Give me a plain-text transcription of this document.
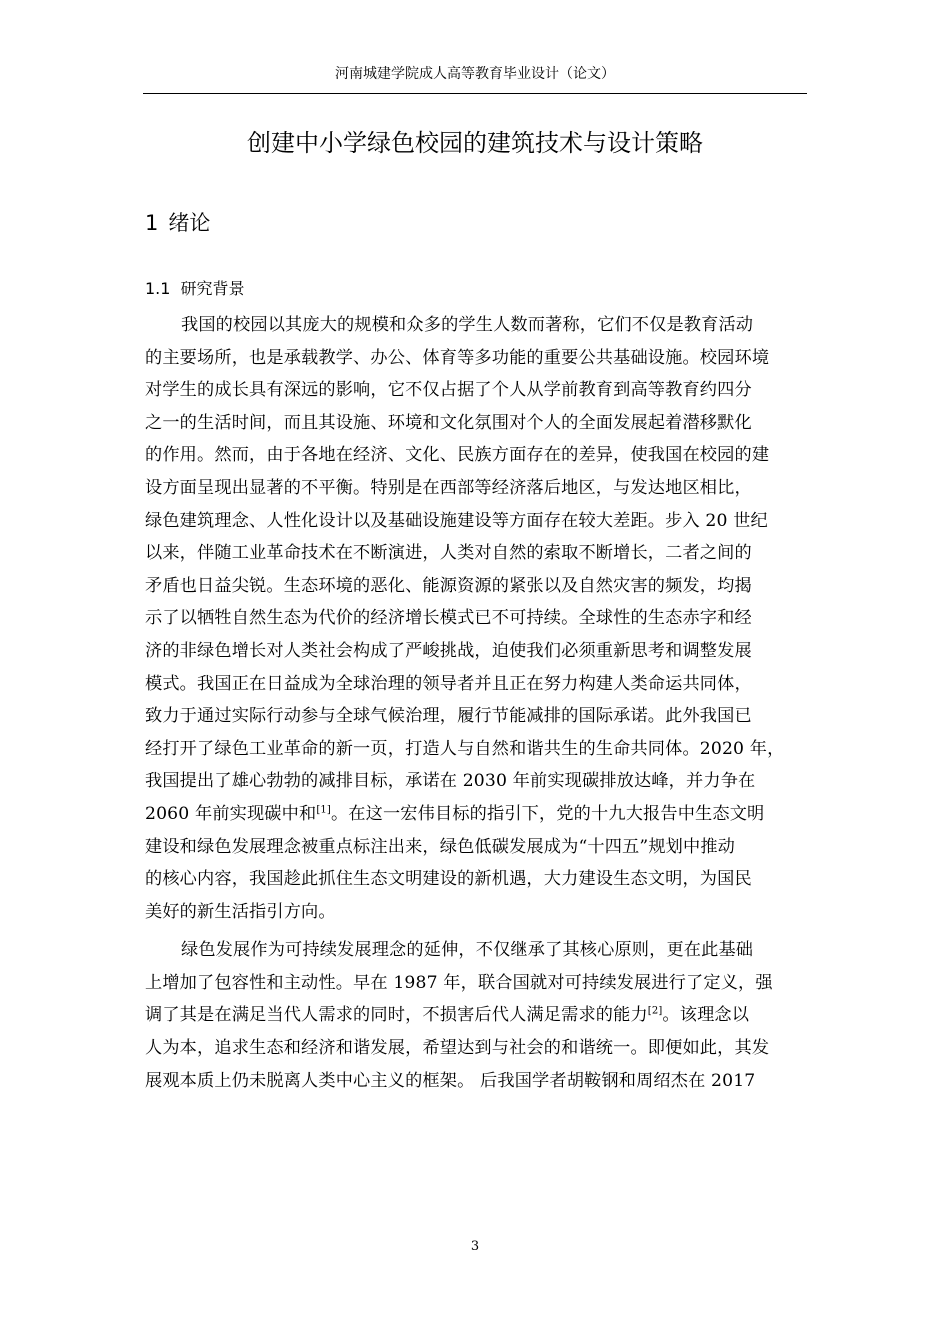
河南城建学院成人高等教育毕业设计（论文）
创建中小学绿色校园的建筑技术与设计策略
1 绪论
1.1 研究背景
我国的校园以其庞大的规模和众多的学生人数而著称，它们不仅是教育活动
的主要场所，也是承载教学、办公、体育等多功能的重要公共基础设施。校园环境
对学生的成长具有深远的影响，它不仅占据了个人从学前教育到高等教育约四分
之一的生活时间，而且其设施、环境和文化氛围对个人的全面发展起着潜移默化
的作用。然而，由于各地在经济、文化、民族方面存在的差异，使我国在校园的建
设方面呈现出显著的不平衡。特别是在西部等经济落后地区，与发达地区相比，
绿色建筑理念、人性化设计以及基础设施建设等方面存在较大差距。步入 20 世纪
以来，伴随工业革命技术在不断演进，人类对自然的索取不断增长，二者之间的
矛盾也日益尖锐。生态环境的恶化、能源资源的紧张以及自然灾害的频发，均揭
示了以牺牲自然生态为代价的经济增长模式已不可持续。全球性的生态赤字和经
济的非绿色增长对人类社会构成了严峻挑战，迫使我们必须重新思考和调整发展
模式。我国正在日益成为全球治理的领导者并且正在努力构建人类命运共同体，
致力于通过实际行动参与全球气候治理，履行节能减排的国际承诺。此外我国已
经打开了绿色工业革命的新一页，打造人与自然和谐共生的生命共同体。2020 年，
我国提出了雄心勃勃的减排目标，承诺在 2030 年前实现碳排放达峰，并力争在
2060 年前实现碳中和[1]。在这一宏伟目标的指引下，党的十九大报告中生态文明
建设和绿色发展理念被重点标注出来，绿色低碳发展成为“十四五”规划中推动
的核心内容，我国趁此抓住生态文明建设的新机遇，大力建设生态文明，为国民
美好的新生活指引方向。
绿色发展作为可持续发展理念的延伸，不仅继承了其核心原则，更在此基础
上增加了包容性和主动性。早在 1987 年，联合国就对可持续发展进行了定义，强
调了其是在满足当代人需求的同时，不损害后代人满足需求的能力[2]。该理念以
人为本，追求生态和经济和谐发展，希望达到与社会的和谐统一。即便如此，其发
展观本质上仍未脱离人类中心主义的框架。 后我国学者胡鞍钢和周绍杰在 2017
3
